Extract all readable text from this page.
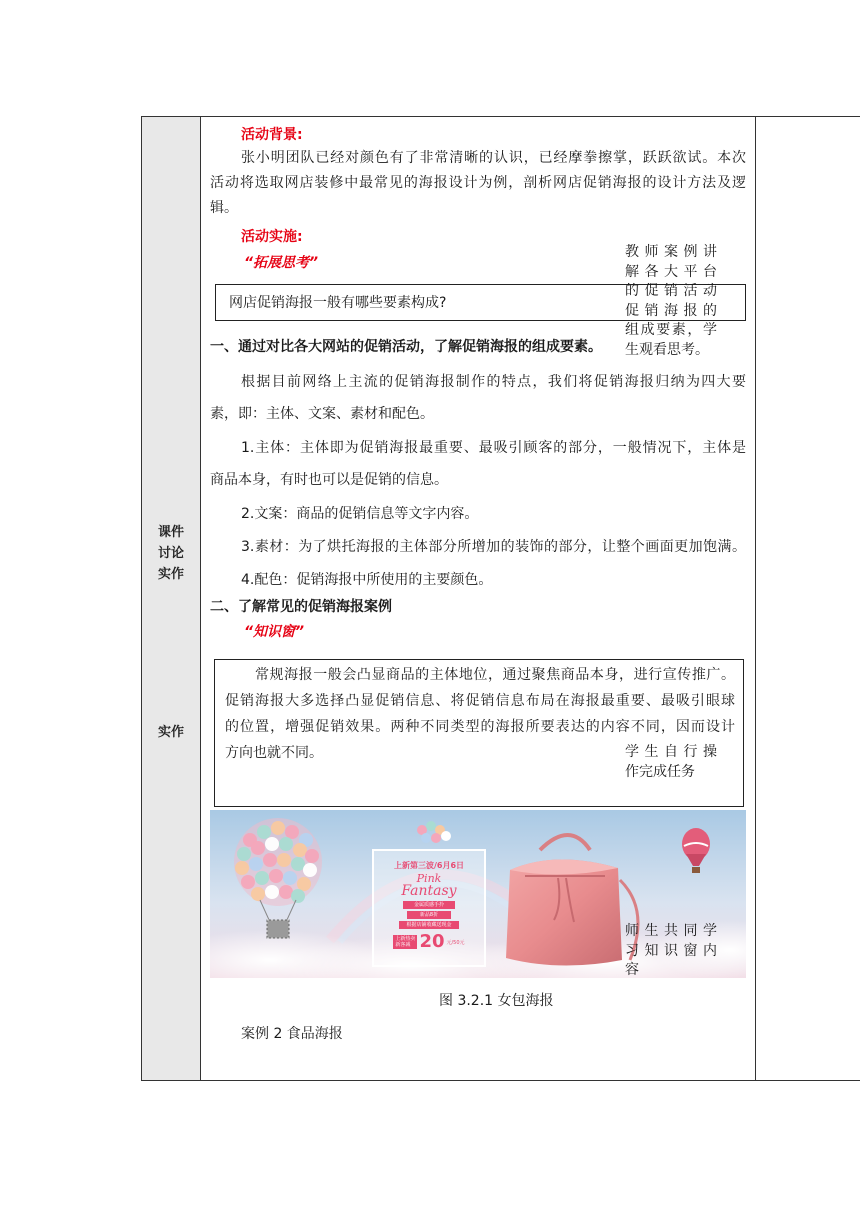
课件
讨论
实作
实作
活动背景:
张小明团队已经对颜色有了非常清晰的认识，已经摩拳擦掌，跃跃欲试。本次
活动将选取网店装修中最常见的海报设计为例，剖析网店促销海报的设计方法及逻
辑。
活动实施:
“拓展思考”
网店促销海报一般有哪些要素构成?
一、通过对比各大网站的促销活动，了解促销海报的组成要素。
根据目前网络上主流的促销海报制作的特点，我们将促销海报归纳为四大要
素，即：主体、文案、素材和配色。
1.主体：主体即为促销海报最重要、最吸引顾客的部分，一般情况下，主体是
商品本身，有时也可以是促销的信息。
2.文案：商品的促销信息等文字内容。
3.素材：为了烘托海报的主体部分所增加的装饰的部分，让整个画面更加饱满。
4.配色：促销海报中所使用的主要颜色。
二、了解常见的促销海报案例
“知识窗”
常规海报一般会凸显商品的主体地位，通过聚焦商品本身，进行宣传推广。
促销海报大多选择凸显促销信息、将促销信息布局在海报最重要、最吸引眼球
的位置，增强促销效果。两种不同类型的海报所要表达的内容不同，因而设计
方向也就不同。
上新第三波/6月6日
Pink
Fantasy
金属质感手拎
新品8折
根据店铺收藏送现金
上新热卖
新客减 20 元/50元
图 3.2.1 女包海报
案例 2 食品海报
教师案例讲
解各大平台
的促销活动
促销海报的
组成要素，学
生观看思考。
学生自行操
作完成任务
师生共同学
习知识窗内
容
